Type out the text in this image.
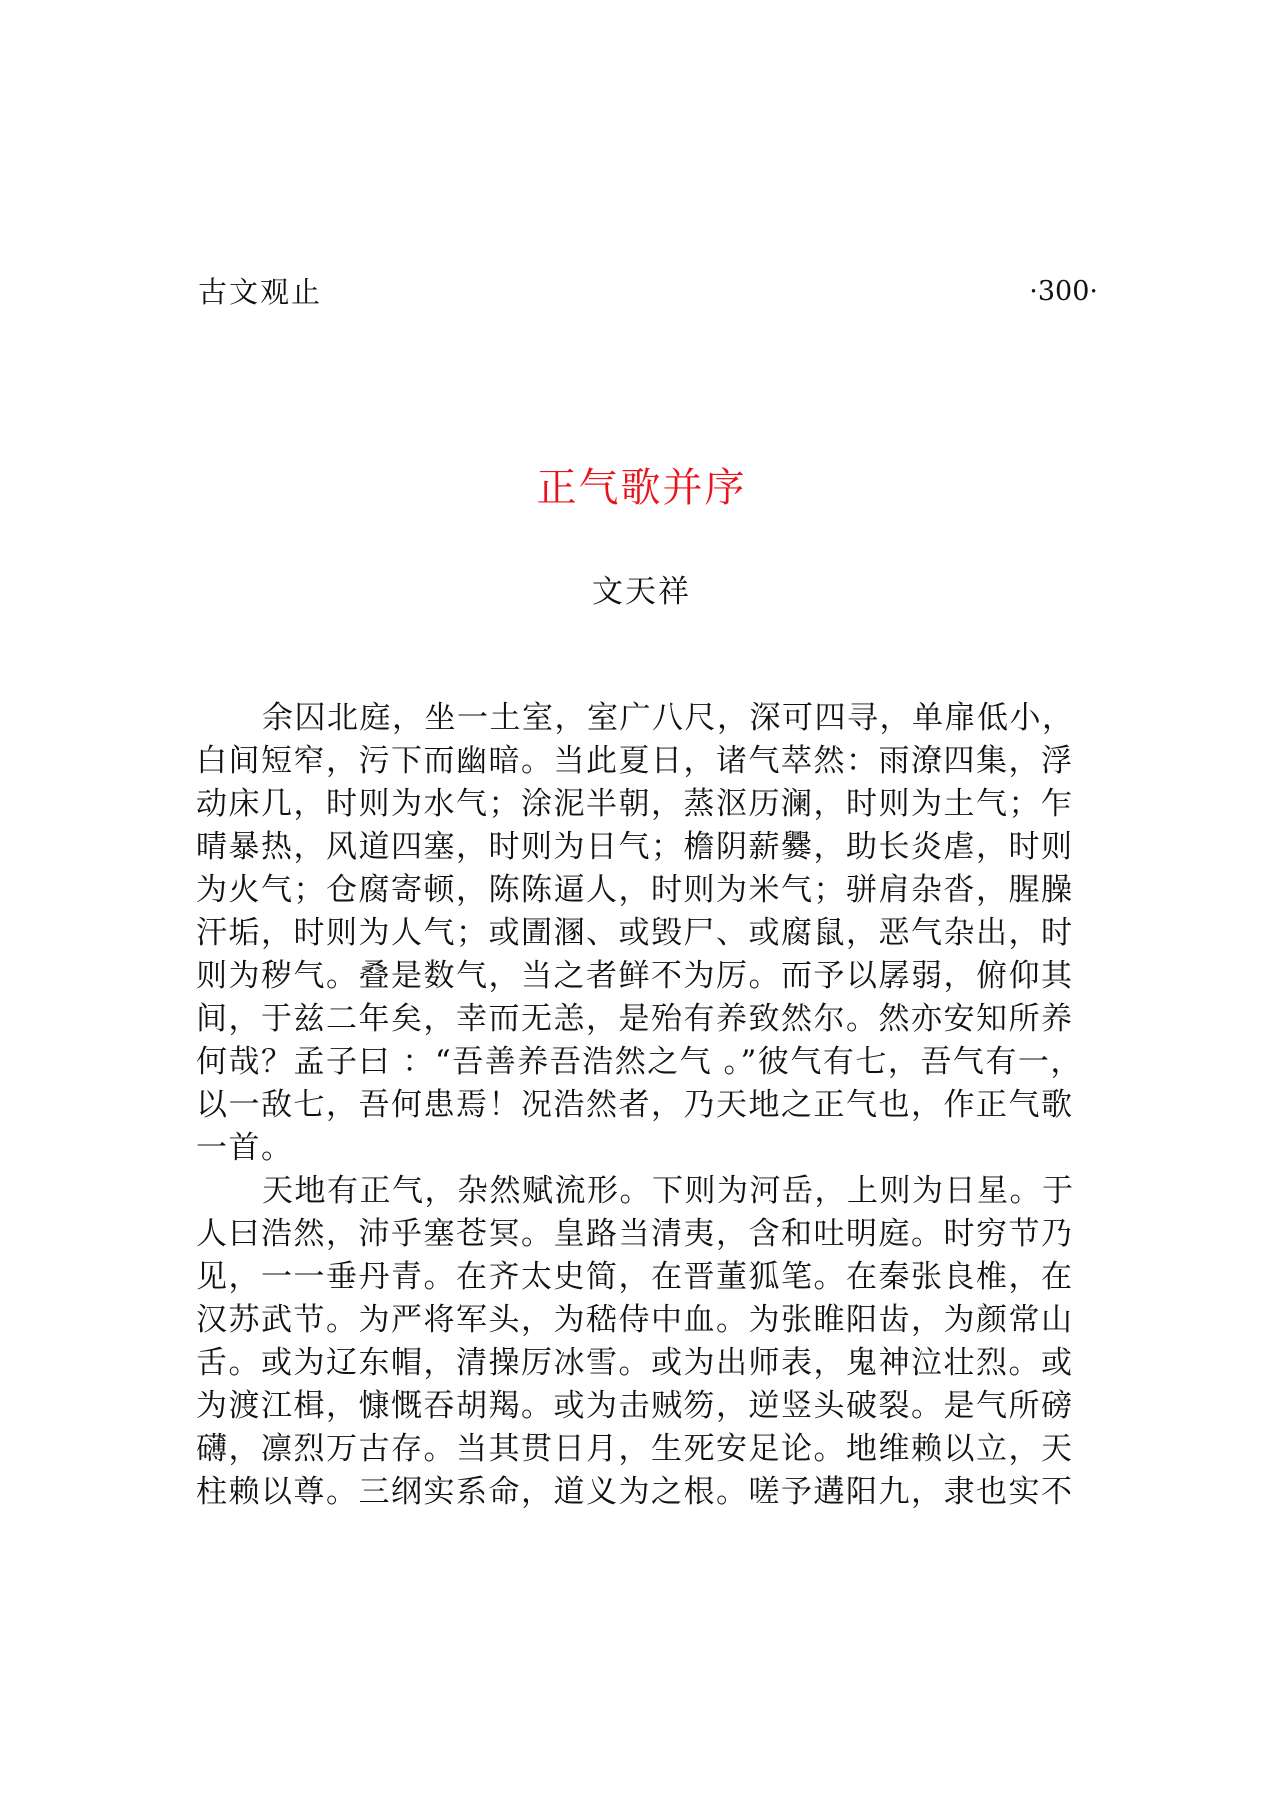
古文观止	·300·
正气歌并序
文天祥
余囚北庭，坐一土室，室广八尺，深可四寻，单扉低小，
白间短窄，污下而幽暗。当此夏日，诸气萃然：雨潦四集，浮
动床几，时则为水气；涂泥半朝，蒸沤历澜，时则为土气；乍
晴暴热，风道四塞，时则为日气；檐阴薪爨，助长炎虐，时则
为火气；仓腐寄顿，陈陈逼人，时则为米气；骈肩杂沓，腥臊
汗垢，时则为人气；或圊溷、或毁尸、或腐鼠，恶气杂出，时
则为秽气。叠是数气，当之者鲜不为厉。而予以孱弱，俯仰其
间，于兹二年矣，幸而无恙，是殆有养致然尔。然亦安知所养
何哉？孟子曰 ：“吾善养吾浩然之气 。”彼气有七，吾气有一，
以一敌七，吾何患焉！况浩然者，乃天地之正气也，作正气歌
一首。
天地有正气，杂然赋流形。下则为河岳，上则为日星。于
人曰浩然，沛乎塞苍冥。皇路当清夷，含和吐明庭。时穷节乃
见，一一垂丹青。在齐太史简，在晋董狐笔。在秦张良椎，在
汉苏武节。为严将军头，为嵇侍中血。为张睢阳齿，为颜常山
舌。或为辽东帽，清操厉冰雪。或为出师表，鬼神泣壮烈。或
为渡江楫，慷慨吞胡羯。或为击贼笏，逆竖头破裂。是气所磅
礴，凛烈万古存。当其贯日月，生死安足论。地维赖以立，天
柱赖以尊。三纲实系命，道义为之根。嗟予遘阳九，隶也实不
